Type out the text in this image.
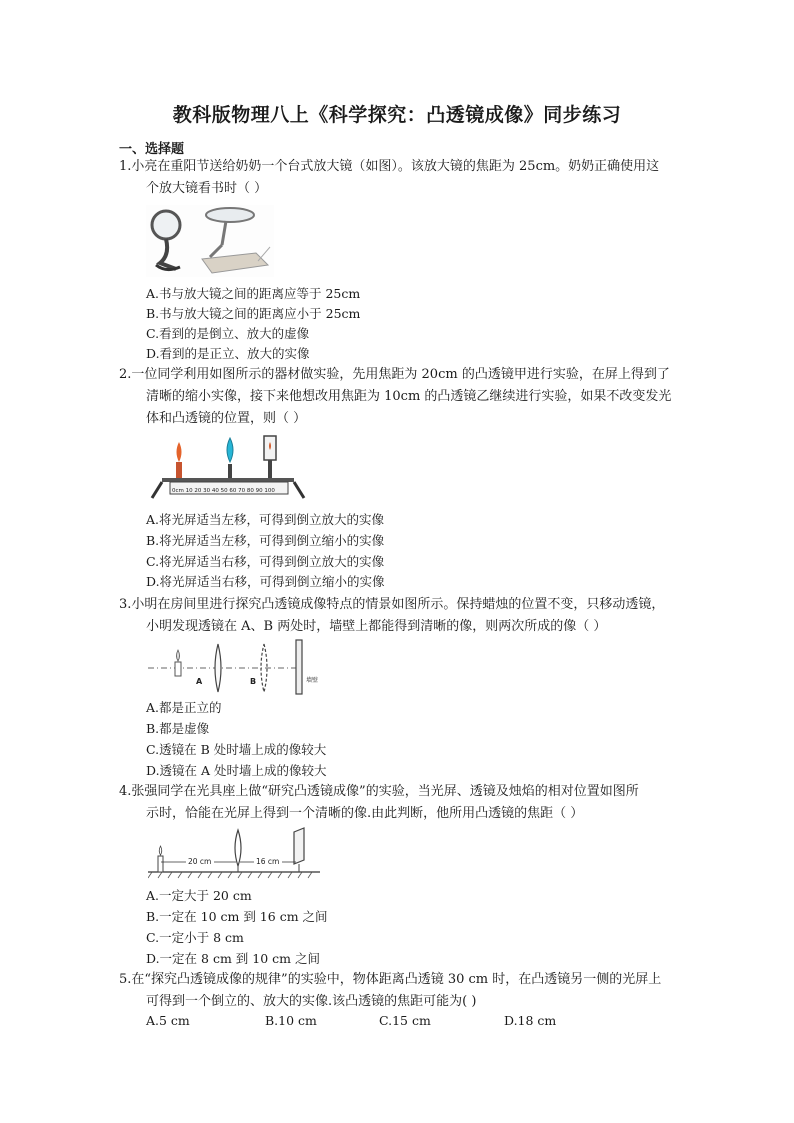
教科版物理八上《科学探究：凸透镜成像》同步练习
一、选择题
1.小亮在重阳节送给奶奶一个台式放大镜（如图）。该放大镜的焦距为 25cm。奶奶正确使用这
个放大镜看书时（ ）
A.书与放大镜之间的距离应等于 25cm
B.书与放大镜之间的距离应小于 25cm
C.看到的是倒立、放大的虚像
D.看到的是正立、放大的实像
2.一位同学利用如图所示的器材做实验，先用焦距为 20cm 的凸透镜甲进行实验，在屏上得到了
清晰的缩小实像，接下来他想改用焦距为 10cm 的凸透镜乙继续进行实验，如果不改变发光
体和凸透镜的位置，则（ ）
0cm 10 20 30 40 50 60 70 80 90 100
A.将光屏适当左移，可得到倒立放大的实像
B.将光屏适当左移，可得到倒立缩小的实像
C.将光屏适当右移，可得到倒立放大的实像
D.将光屏适当右移，可得到倒立缩小的实像
3.小明在房间里进行探究凸透镜成像特点的情景如图所示。保持蜡烛的位置不变，只移动透镜，
小明发现透镜在 A、B 两处时，墙壁上都能得到清晰的像，则两次所成的像（ ）
A	B	墙壁
A.都是正立的
B.都是虚像
C.透镜在 B 处时墙上成的像较大
D.透镜在 A 处时墙上成的像较大
4.张强同学在光具座上做“研究凸透镜成像”的实验，当光屏、透镜及烛焰的相对位置如图所
示时，恰能在光屏上得到一个清晰的像.由此判断，他所用凸透镜的焦距（ ）
20 cm	16 cm
A.一定大于 20 cm
B.一定在 10 cm 到 16 cm 之间
C.一定小于 8 cm
D.一定在 8 cm 到 10 cm 之间
5.在“探究凸透镜成像的规律”的实验中，物体距离凸透镜 30 cm 时，在凸透镜另一侧的光屏上
可得到一个倒立的、放大的实像.该凸透镜的焦距可能为( )
A.5 cm	B.10 cm	C.15 cm	D.18 cm
